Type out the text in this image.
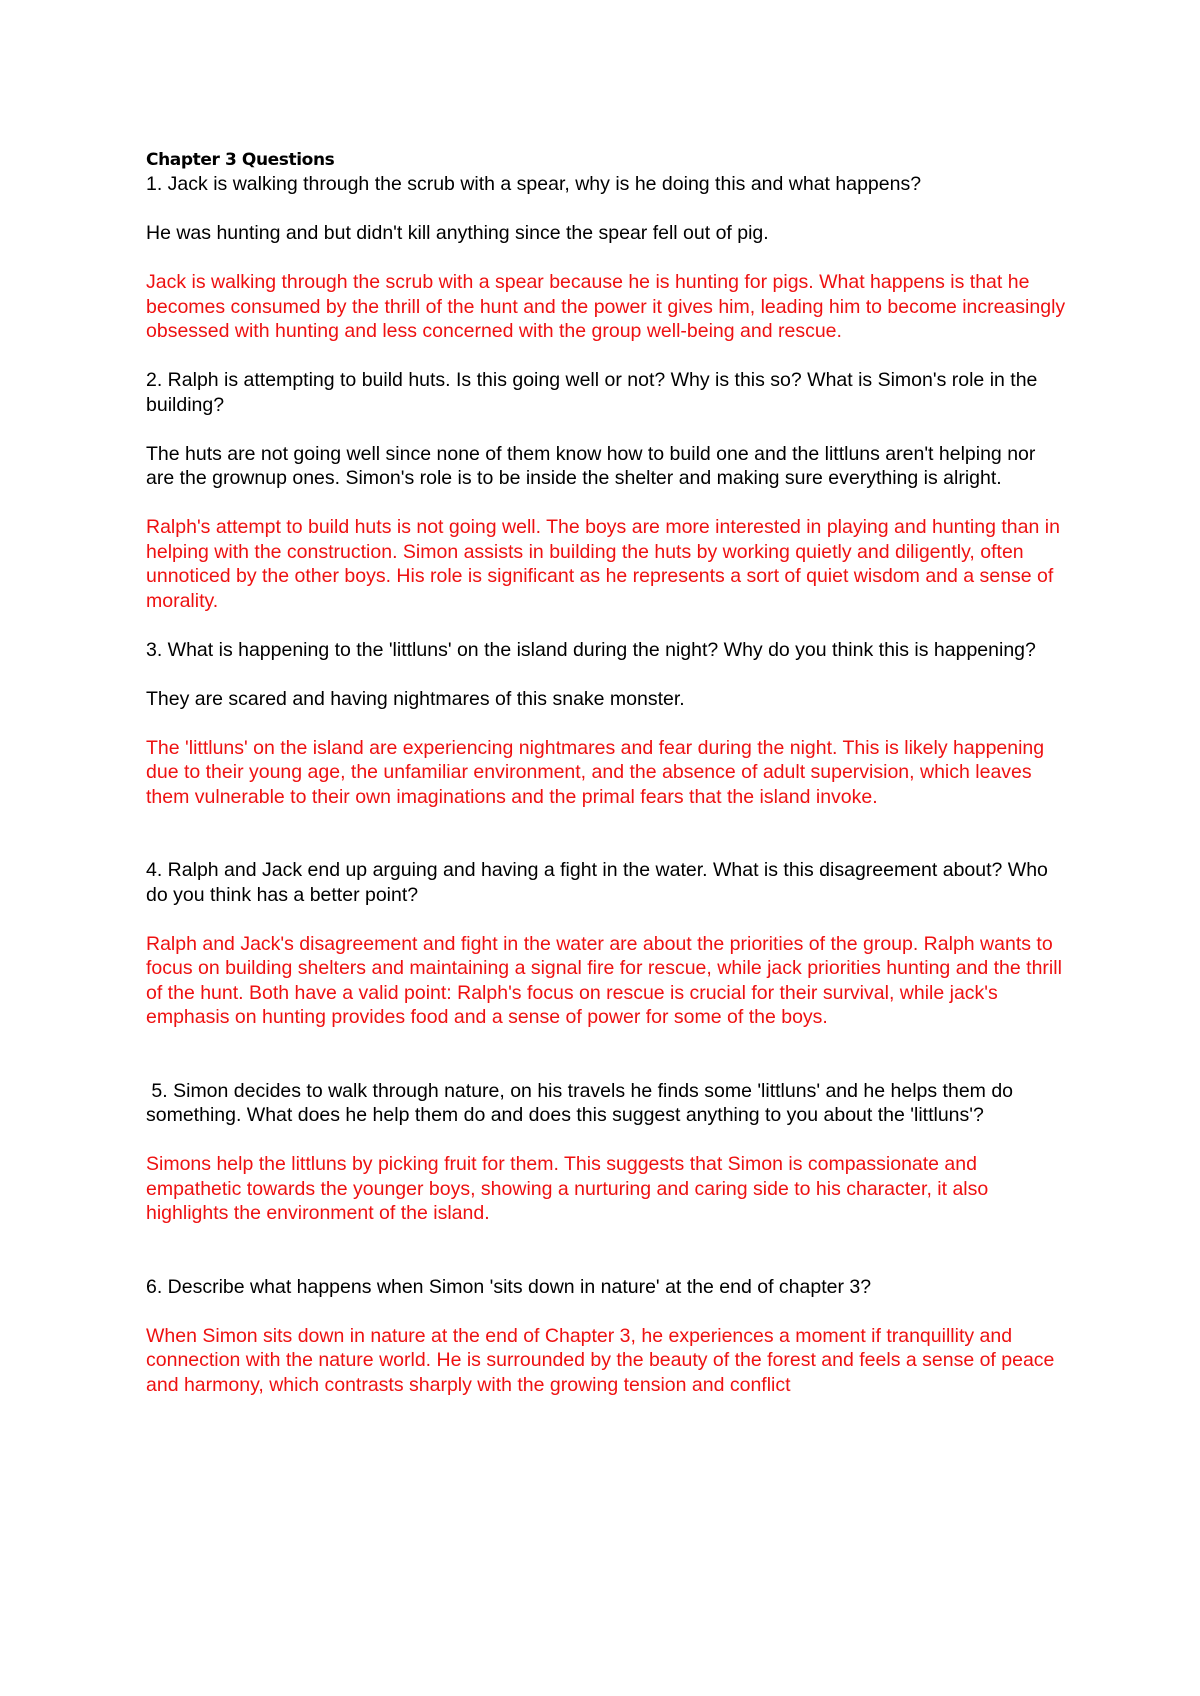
Chapter 3 Questions

1. Jack is walking through the scrub with a spear, why is he doing this and what happens?

He was hunting and but didn't kill anything since the spear fell out of pig.

Jack is walking through the scrub with a spear because he is hunting for pigs. What happens is that he becomes consumed by the thrill of the hunt and the power it gives him, leading him to become increasingly obsessed with hunting and less concerned with the group well-being and rescue.

2. Ralph is attempting to build huts. Is this going well or not? Why is this so? What is Simon's role in the building?

The huts are not going well since none of them know how to build one and the littluns aren't helping nor are the grownup ones. Simon's role is to be inside the shelter and making sure everything is alright.

Ralph's attempt to build huts is not going well. The boys are more interested in playing and hunting than in helping with the construction. Simon assists in building the huts by working quietly and diligently, often unnoticed by the other boys. His role is significant as he represents a sort of quiet wisdom and a sense of morality.

3. What is happening to the 'littluns' on the island during the night? Why do you think this is happening?

They are scared and having nightmares of this snake monster.

The 'littluns' on the island are experiencing nightmares and fear during the night. This is likely happening due to their young age, the unfamiliar environment, and the absence of adult supervision, which leaves them vulnerable to their own imaginations and the primal fears that the island invoke.

4. Ralph and Jack end up arguing and having a fight in the water. What is this disagreement about? Who do you think has a better point?

Ralph and Jack's disagreement and fight in the water are about the priorities of the group. Ralph wants to focus on building shelters and maintaining a signal fire for rescue, while jack priorities hunting and the thrill of the hunt. Both have a valid point: Ralph's focus on rescue is crucial for their survival, while jack's emphasis on hunting provides food and a sense of power for some of the boys.

5. Simon decides to walk through nature, on his travels he finds some 'littluns' and he helps them do something. What does he help them do and does this suggest anything to you about the 'littluns'?

Simons help the littluns by picking fruit for them. This suggests that Simon is compassionate and empathetic towards the younger boys, showing a nurturing and caring side to his character, it also highlights the environment of the island.

6. Describe what happens when Simon 'sits down in nature' at the end of chapter 3?

When Simon sits down in nature at the end of Chapter 3, he experiences a moment if tranquillity and connection with the nature world. He is surrounded by the beauty of the forest and feels a sense of peace and harmony, which contrasts sharply with the growing tension and conflict
